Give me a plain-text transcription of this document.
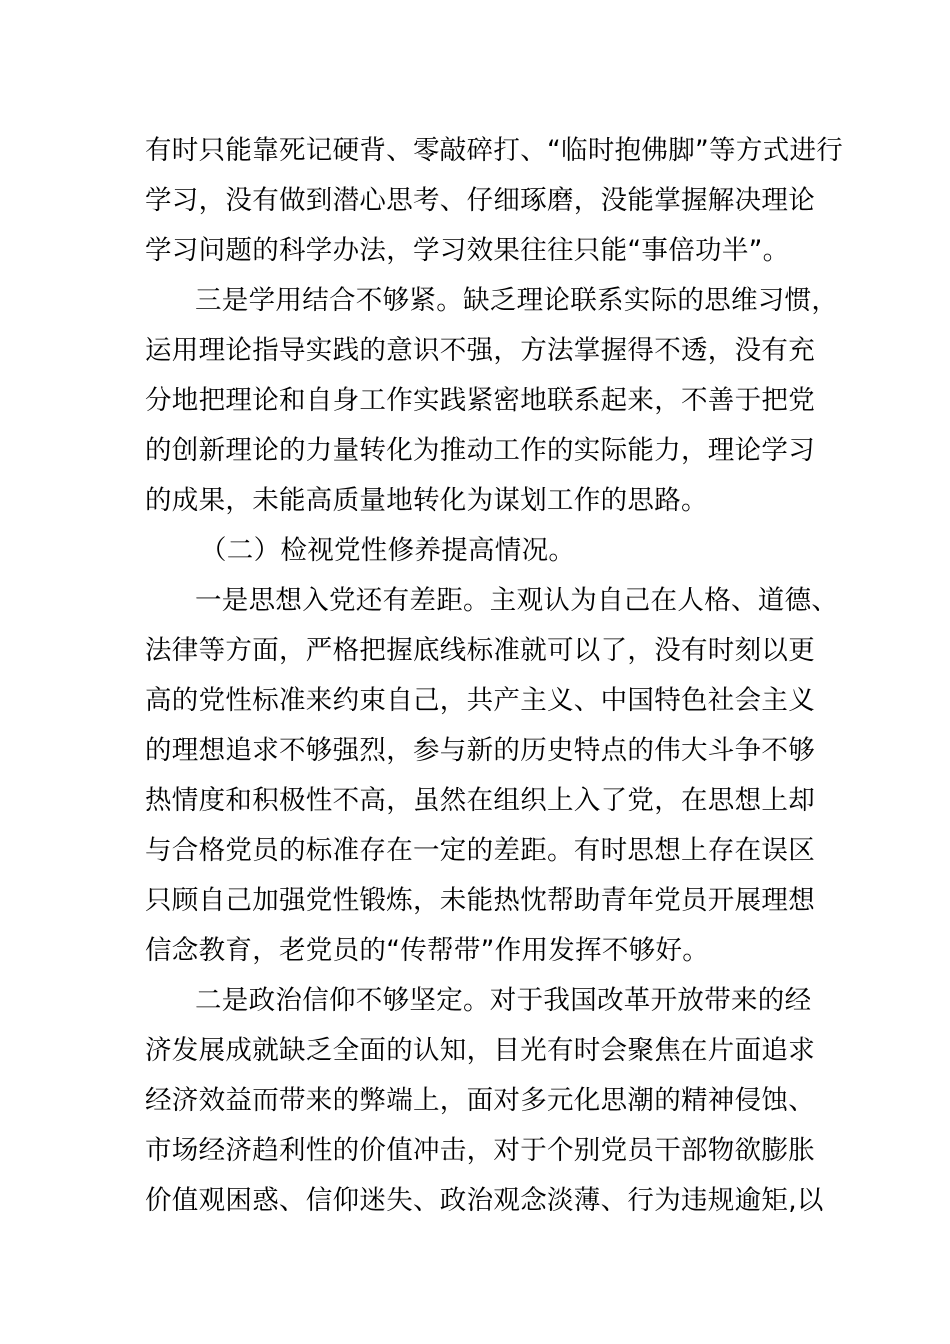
有时只能靠死记硬背、零敲碎打、“临时抱佛脚”等方式进行
学习，没有做到潜心思考、仔细琢磨，没能掌握解决理论
学习问题的科学办法，学习效果往往只能“事倍功半”。
三是学用结合不够紧。缺乏理论联系实际的思维习惯，
运用理论指导实践的意识不强，方法掌握得不透，没有充
分地把理论和自身工作实践紧密地联系起来，不善于把党
的创新理论的力量转化为推动工作的实际能力，理论学习
的成果，未能高质量地转化为谋划工作的思路。
（二）检视党性修养提高情况。
一是思想入党还有差距。主观认为自己在人格、道德、
法律等方面，严格把握底线标准就可以了，没有时刻以更
高的党性标准来约束自己，共产主义、中国特色社会主义
的理想追求不够强烈，参与新的历史特点的伟大斗争不够
热情度和积极性不高，虽然在组织上入了党，在思想上却
与合格党员的标准存在一定的差距。有时思想上存在误区
只顾自己加强党性锻炼，未能热忱帮助青年党员开展理想
信念教育，老党员的“传帮带”作用发挥不够好。
二是政治信仰不够坚定。对于我国改革开放带来的经
济发展成就缺乏全面的认知，目光有时会聚焦在片面追求
经济效益而带来的弊端上，面对多元化思潮的精神侵蚀、
市场经济趋利性的价值冲击，对于个别党员干部物欲膨胀
价值观困惑、信仰迷失、政治观念淡薄、行为违规逾矩,以
